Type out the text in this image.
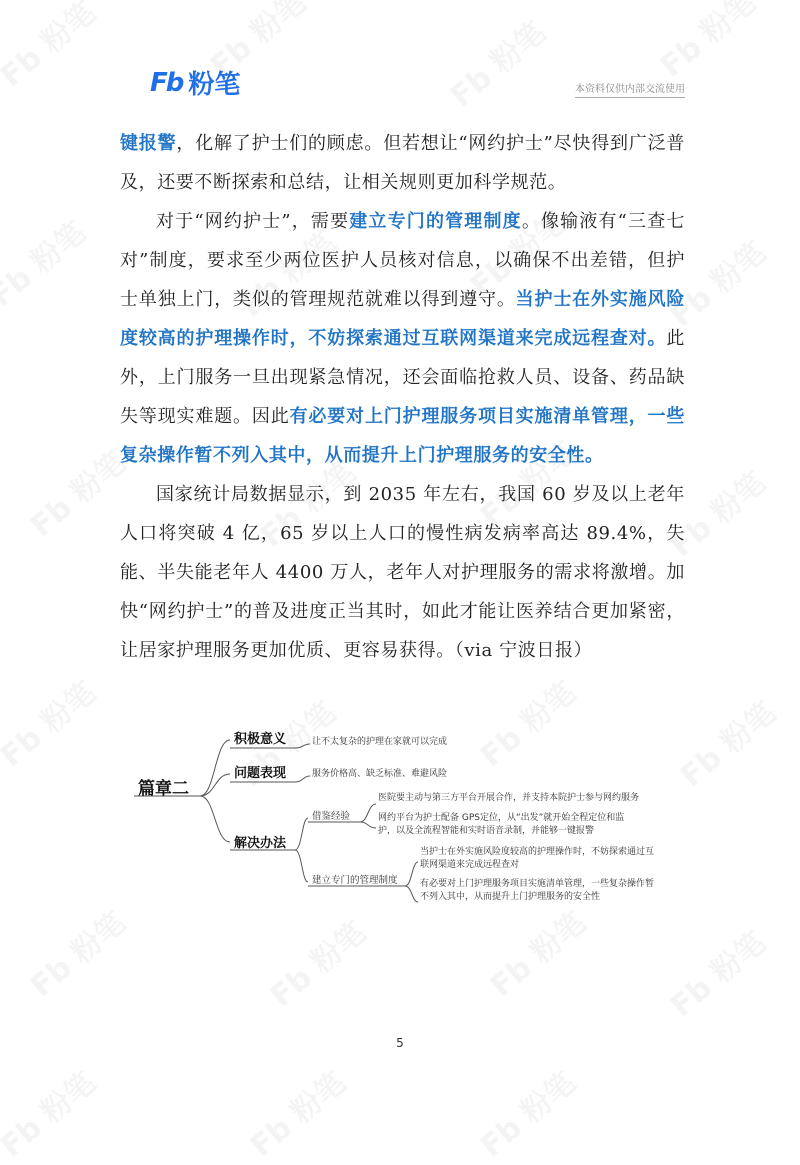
Fb 粉笔	本资料仅供内部交流使用

键报警，化解了护士们的顾虑。但若想让“网约护士”尽快得到广泛普及，还要不断探索和总结，让相关规则更加科学规范。

对于“网约护士”，需要建立专门的管理制度。像输液有“三查七对”制度，要求至少两位医护人员核对信息，以确保不出差错，但护士单独上门，类似的管理规范就难以得到遵守。当护士在外实施风险度较高的护理操作时，不妨探索通过互联网渠道来完成远程查对。此外，上门服务一旦出现紧急情况，还会面临抢救人员、设备、药品缺失等现实难题。因此有必要对上门护理服务项目实施清单管理，一些复杂操作暂不列入其中，从而提升上门护理服务的安全性。

国家统计局数据显示，到 2035 年左右，我国 60 岁及以上老年人口将突破 4 亿，65 岁以上人口的慢性病发病率高达 89.4%，失能、半失能老年人 4400 万人，老年人对护理服务的需求将激增。加快“网约护士”的普及进度正当其时，如此才能让医养结合更加紧密，让居家护理服务更加优质、更容易获得。（via 宁波日报）

篇章二
积极意义	让不太复杂的护理在家就可以完成
问题表现	服务价格高、缺乏标准、难避风险
解决办法
借鉴经验
医院要主动与第三方平台开展合作，并支持本院护士参与网约服务
网约平台为护士配备 GPS定位，从“出发”就开始全程定位和监护，以及全流程智能和实时语音录制，并能够一键报警
建立专门的管理制度
当护士在外实施风险度较高的护理操作时，不妨探索通过互联网渠道来完成远程查对
有必要对上门护理服务项目实施清单管理，一些复杂操作暂不列入其中，从而提升上门护理服务的安全性
5
